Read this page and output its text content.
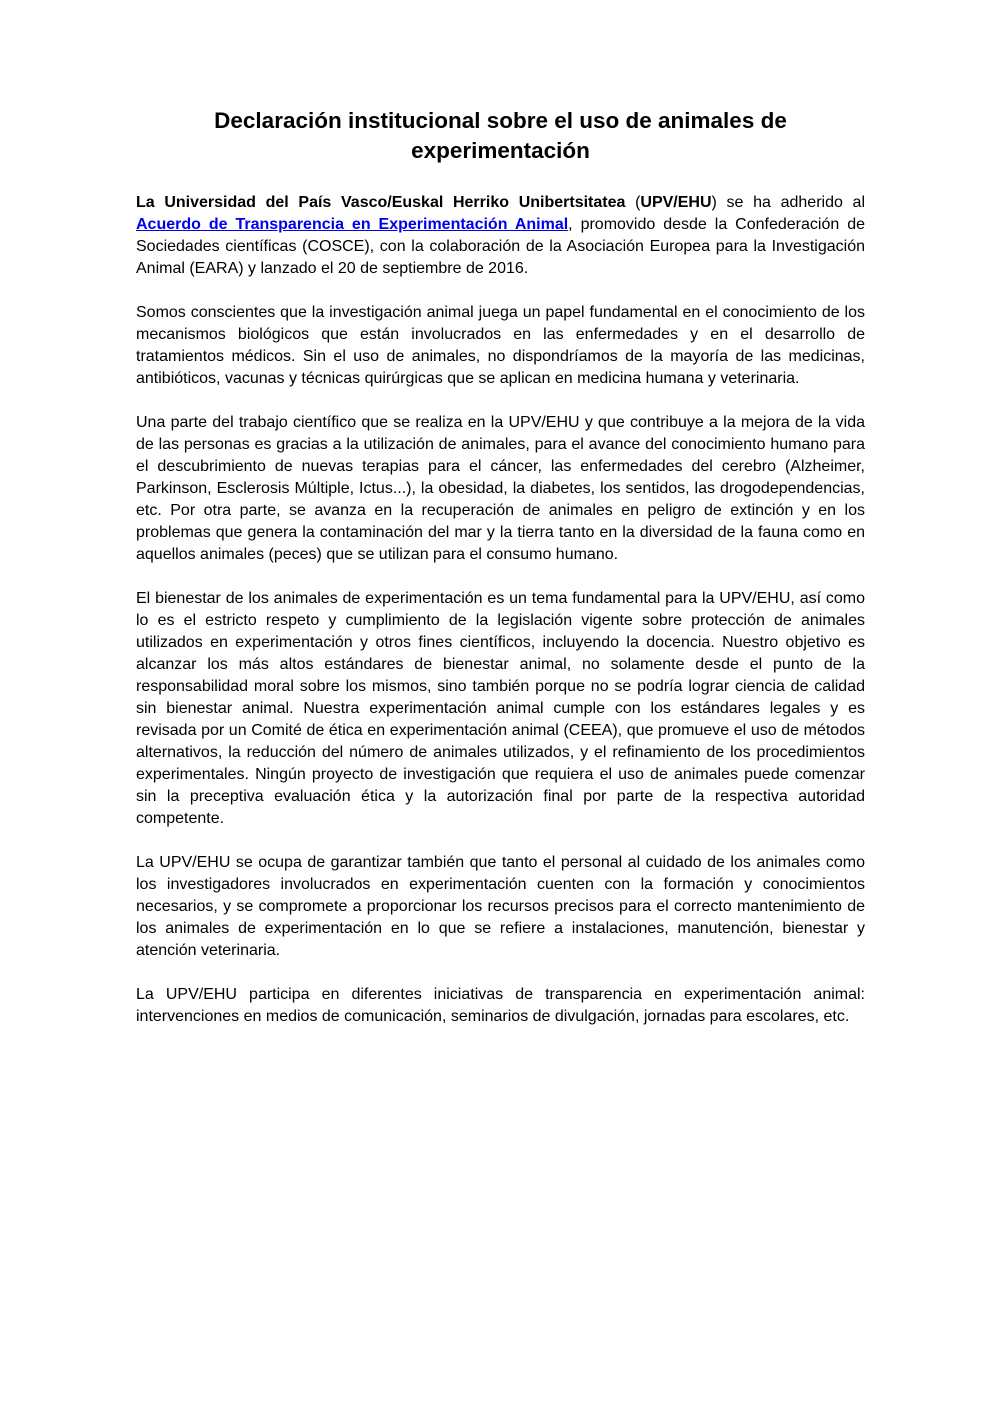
Declaración institucional sobre el uso de animales de experimentación

La Universidad del País Vasco/Euskal Herriko Unibertsitatea (UPV/EHU) se ha adherido al Acuerdo de Transparencia en Experimentación Animal, promovido desde la Confederación de Sociedades científicas (COSCE), con la colaboración de la Asociación Europea para la Investigación Animal (EARA) y lanzado el 20 de septiembre de 2016.

Somos conscientes que la investigación animal juega un papel fundamental en el conocimiento de los mecanismos biológicos que están involucrados en las enfermedades y en el desarrollo de tratamientos médicos. Sin el uso de animales, no dispondríamos de la mayoría de las medicinas, antibióticos, vacunas y técnicas quirúrgicas que se aplican en medicina humana y veterinaria.

Una parte del trabajo científico que se realiza en la UPV/EHU y que contribuye a la mejora de la vida de las personas es gracias a la utilización de animales, para el avance del conocimiento humano para el descubrimiento de nuevas terapias para el cáncer, las enfermedades del cerebro (Alzheimer, Parkinson, Esclerosis Múltiple, Ictus...), la obesidad, la diabetes, los sentidos, las drogodependencias, etc. Por otra parte, se avanza en la recuperación de animales en peligro de extinción y en los problemas que genera la contaminación del mar y la tierra tanto en la diversidad de la fauna como en aquellos animales (peces) que se utilizan para el consumo humano.

El bienestar de los animales de experimentación es un tema fundamental para la UPV/EHU, así como lo es el estricto respeto y cumplimiento de la legislación vigente sobre protección de animales utilizados en experimentación y otros fines científicos, incluyendo la docencia. Nuestro objetivo es alcanzar los más altos estándares de bienestar animal, no solamente desde el punto de la responsabilidad moral sobre los mismos, sino también porque no se podría lograr ciencia de calidad sin bienestar animal. Nuestra experimentación animal cumple con los estándares legales y es revisada por un Comité de ética en experimentación animal (CEEA), que promueve el uso de métodos alternativos, la reducción del número de animales utilizados, y el refinamiento de los procedimientos experimentales. Ningún proyecto de investigación que requiera el uso de animales puede comenzar sin la preceptiva evaluación ética y la autorización final por parte de la respectiva autoridad competente.

La UPV/EHU se ocupa de garantizar también que tanto el personal al cuidado de los animales como los investigadores involucrados en experimentación cuenten con la formación y conocimientos necesarios, y se compromete a proporcionar los recursos precisos para el correcto mantenimiento de los animales de experimentación en lo que se refiere a instalaciones, manutención, bienestar y atención veterinaria.

La UPV/EHU participa en diferentes iniciativas de transparencia en experimentación animal: intervenciones en medios de comunicación, seminarios de divulgación, jornadas para escolares, etc.
